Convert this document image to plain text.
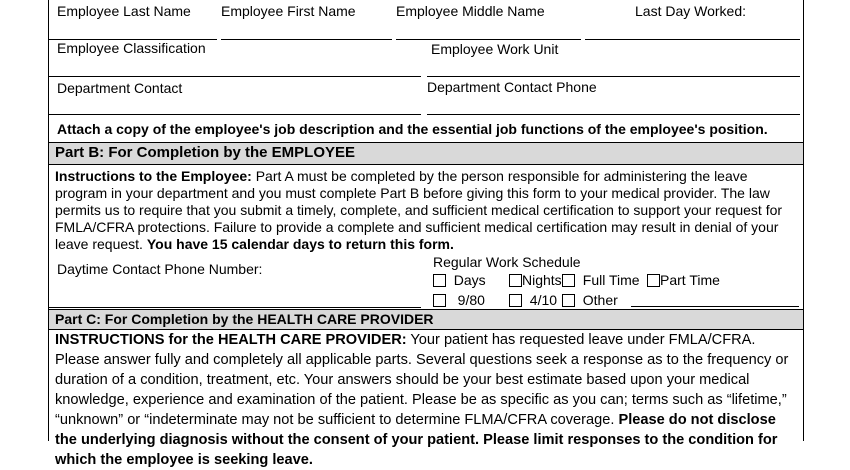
Employee Last Name Employee First Name	Employee Middle Name	Last Day Worked:
Employee Classification	Employee Work Unit
Department Contact	Department Contact Phone
Attach a copy of the employee's job description and the essential job functions of the employee's position.
Part B: For Completion by the EMPLOYEE
Instructions to the Employee: Part A must be completed by the person responsible for administering the leave program in your department and you must complete Part B before giving this form to your medical provider. The law permits us to require that you submit a timely, complete, and sufficient medical certification to support your request for FMLA/CFRA protections. Failure to provide a complete and sufficient medical certification may result in denial of your leave request. You have 15 calendar days to return this form.
Daytime Contact Phone Number:	Regular Work Schedule
Days	Nights	Full Time	Part Time
9/80	4/10	Other
Part C: For Completion by the HEALTH CARE PROVIDER
INSTRUCTIONS for the HEALTH CARE PROVIDER: Your patient has requested leave under FMLA/CFRA. Please answer fully and completely all applicable parts. Several questions seek a response as to the frequency or duration of a condition, treatment, etc. Your answers should be your best estimate based upon your medical knowledge, experience and examination of the patient. Please be as specific as you can; terms such as “lifetime,” “unknown” or “indeterminate may not be sufficient to determine FLMA/CFRA coverage. Please do not disclose the underlying diagnosis without the consent of your patient. Please limit responses to the condition for which the employee is seeking leave.
